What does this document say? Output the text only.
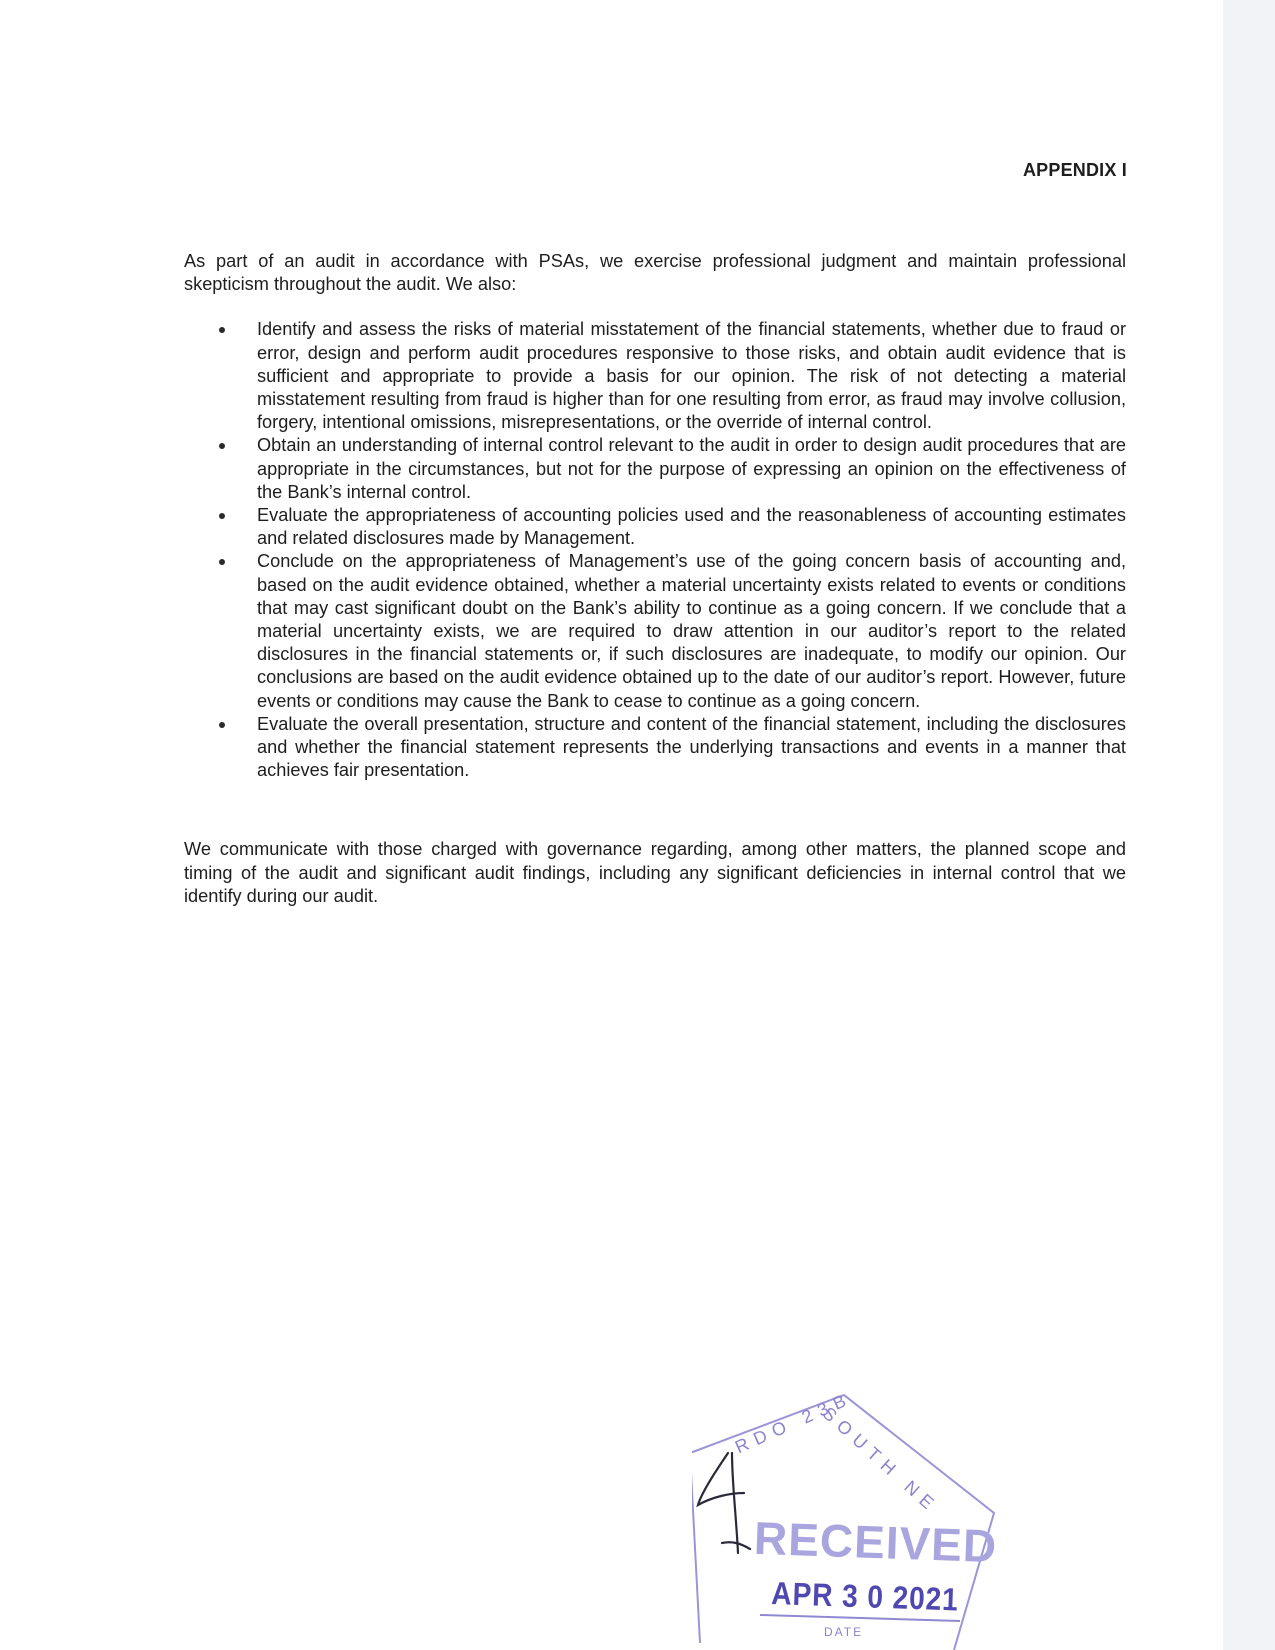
APPENDIX I

As part of an audit in accordance with PSAs, we exercise professional judgment and maintain professional skepticism throughout the audit. We also:

Identify and assess the risks of material misstatement of the financial statements, whether due to fraud or error, design and perform audit procedures responsive to those risks, and obtain audit evidence that is sufficient and appropriate to provide a basis for our opinion. The risk of not detecting a material misstatement resulting from fraud is higher than for one resulting from error, as fraud may involve collusion, forgery, intentional omissions, misrepresentations, or the override of internal control.
Obtain an understanding of internal control relevant to the audit in order to design audit procedures that are appropriate in the circumstances, but not for the purpose of expressing an opinion on the effectiveness of the Bank’s internal control.
Evaluate the appropriateness of accounting policies used and the reasonableness of accounting estimates and related disclosures made by Management.
Conclude on the appropriateness of Management’s use of the going concern basis of accounting and, based on the audit evidence obtained, whether a material uncertainty exists related to events or conditions that may cast significant doubt on the Bank’s ability to continue as a going concern. If we conclude that a material uncertainty exists, we are required to draw attention in our auditor’s report to the related disclosures in the financial statements or, if such disclosures are inadequate, to modify our opinion. Our conclusions are based on the audit evidence obtained up to the date of our auditor’s report. However, future events or conditions may cause the Bank to cease to continue as a going concern.
Evaluate the overall presentation, structure and content of the financial statement, including the disclosures and whether the financial statement represents the underlying transactions and events in a manner that achieves fair presentation.

We communicate with those charged with governance regarding, among other matters, the planned scope and timing of the audit and significant audit findings, including any significant deficiencies in internal control that we identify during our audit.

RDO 23B
SOUTH NE
RECEIVED
APR 3 0 2021
DATE
